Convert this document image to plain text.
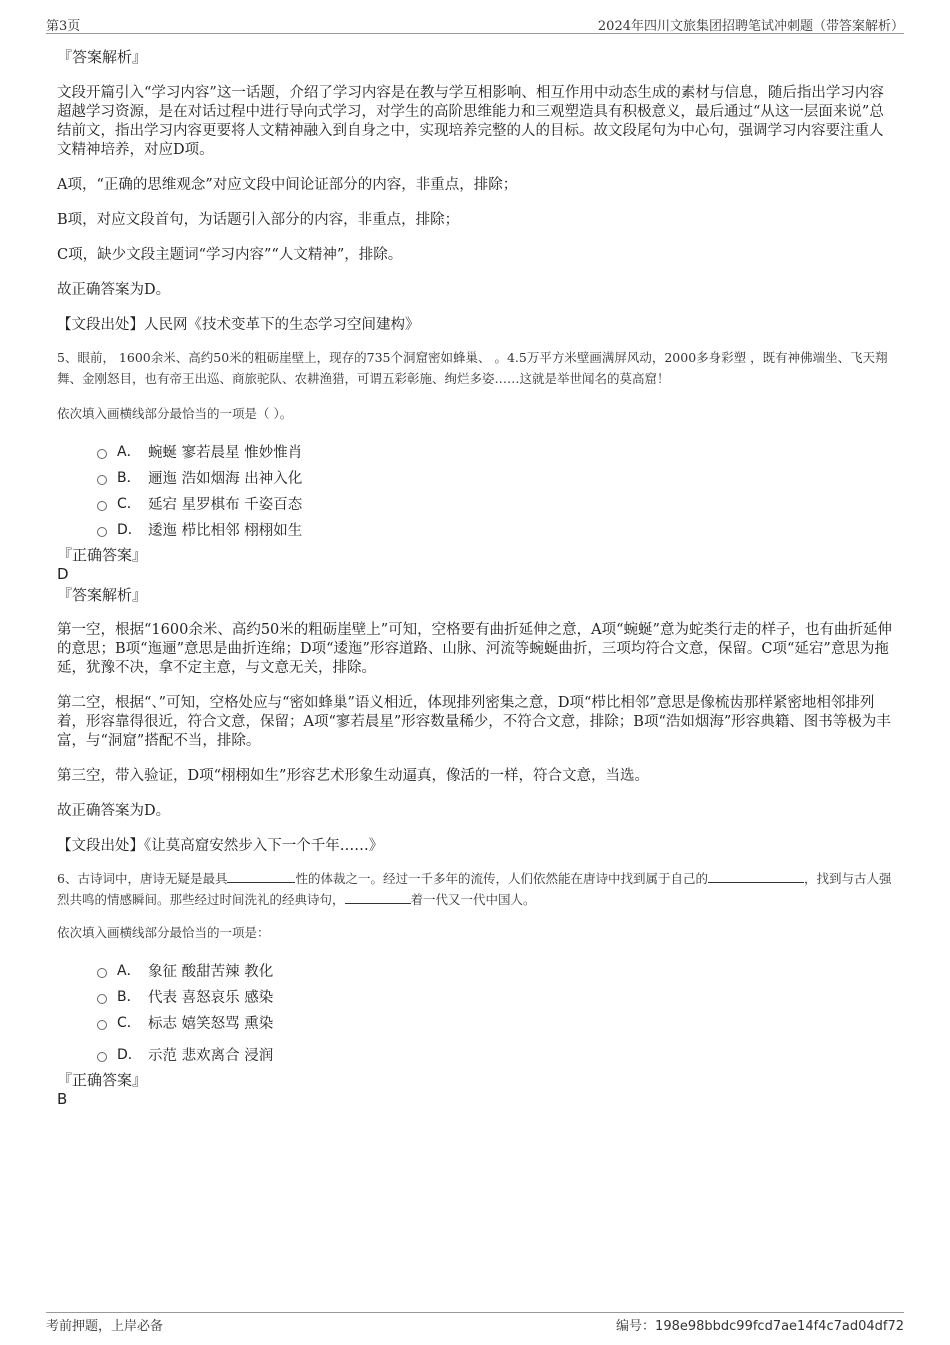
第3页	2024年四川文旅集团招聘笔试冲刺题（带答案解析）

『答案解析』

文段开篇引入“学习内容”这一话题，介绍了学习内容是在教与学互相影响、相互作用中动态生成的素材与信息，随后指出学习内容超越学习资源，是在对话过程中进行导向式学习，对学生的高阶思维能力和三观塑造具有积极意义，最后通过“从这一层面来说”总结前文，指出学习内容更要将人文精神融入到自身之中，实现培养完整的人的目标。故文段尾句为中心句，强调学习内容要注重人文精神培养，对应D项。

A项，“正确的思维观念”对应文段中间论证部分的内容，非重点，排除；

B项，对应文段首句，为话题引入部分的内容，非重点，排除；

C项，缺少文段主题词“学习内容”“人文精神”，排除。

故正确答案为D。

【文段出处】人民网《技术变革下的生态学习空间建构》

5、眼前， 1600余米、高约50米的粗砺崖壁上，现存的735个洞窟密如蜂巢、 。4.5万平方米壁画满屏风动，2000多身彩塑 ，既有神佛端坐、飞天翔舞、金刚怒目，也有帝王出巡、商旅驼队、农耕渔猎，可谓五彩彰施、绚烂多姿……这就是举世闻名的莫高窟！

依次填入画横线部分最恰当的一项是（ ）。

A． 蜿蜒 寥若晨星 惟妙惟肖
B． 逦迤 浩如烟海 出神入化
C． 延宕 星罗棋布 千姿百态
D． 逶迤 栉比相邻 栩栩如生

『正确答案』

D

『答案解析』

第一空，根据“1600余米、高约50米的粗砺崖壁上”可知，空格要有曲折延伸之意，A项“蜿蜒”意为蛇类行走的样子，也有曲折延伸的意思；B项“迤逦”意思是曲折连绵；D项“逶迤”形容道路、山脉、河流等蜿蜒曲折，三项均符合文意，保留。C项“延宕”意思为拖延，犹豫不决，拿不定主意，与文意无关，排除。

第二空，根据“、”可知，空格处应与“密如蜂巢”语义相近，体现排列密集之意，D项“栉比相邻”意思是像梳齿那样紧密地相邻排列着，形容靠得很近，符合文意，保留；A项“寥若晨星”形容数量稀少，不符合文意，排除；B项“浩如烟海”形容典籍、图书等极为丰富，与“洞窟”搭配不当，排除。

第三空，带入验证，D项“栩栩如生”形容艺术形象生动逼真，像活的一样，符合文意，当选。

故正确答案为D。

【文段出处】《让莫高窟安然步入下一个千年……》

6、古诗词中，唐诗无疑是最具	性的体裁之一。经过一千多年的流传，人们依然能在唐诗中找到属于自己的	，找到与古人强烈共鸣的情感瞬间。那些经过时间洗礼的经典诗句，	着一代又一代中国人。

依次填入画横线部分最恰当的一项是：

A． 象征 酸甜苦辣 教化
B． 代表 喜怒哀乐 感染
C． 标志 嬉笑怒骂 熏染
D． 示范 悲欢离合 浸润

『正确答案』

B

考前押题，上岸必备	编号：198e98bbdc99fcd7ae14f4c7ad04df72
